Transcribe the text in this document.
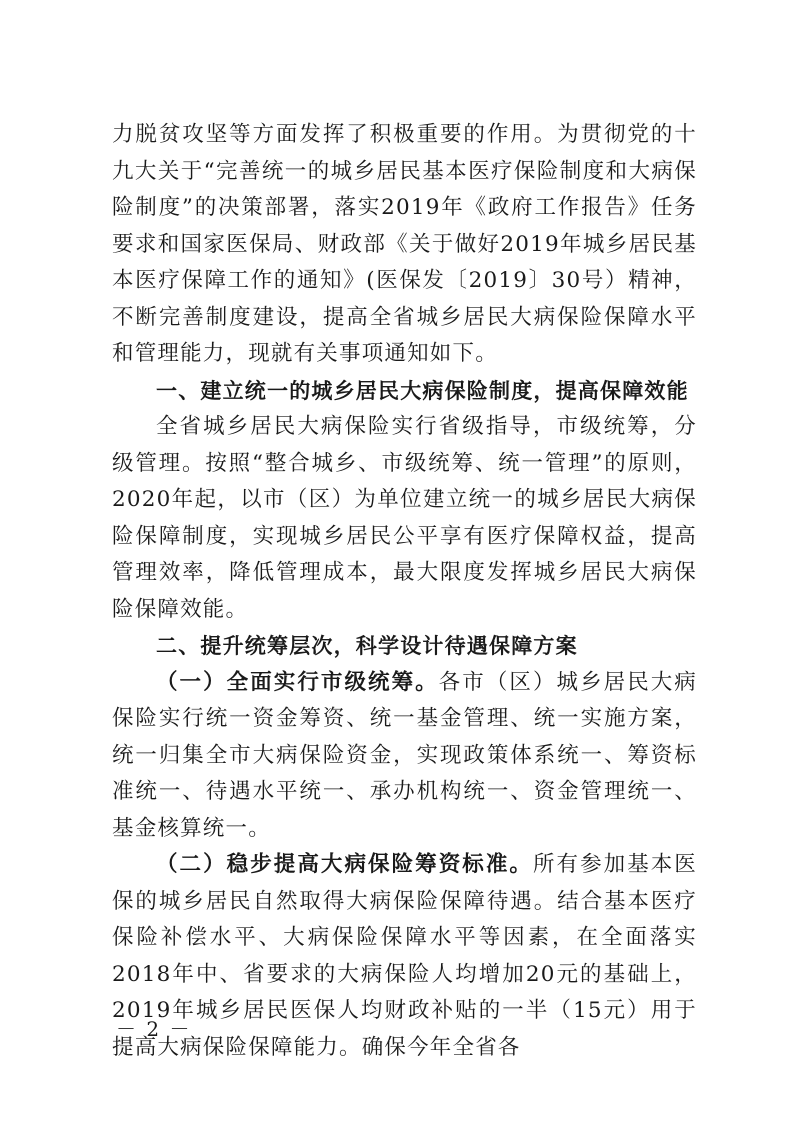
力脱贫攻坚等方面发挥了积极重要的作用。为贯彻党的十九大关于“完善统一的城乡居民基本医疗保险制度和大病保险制度”的决策部署，落实2019年《政府工作报告》任务要求和国家医保局、财政部《关于做好2019年城乡居民基本医疗保障工作的通知》(医保发〔2019〕30号）精神，不断完善制度建设，提高全省城乡居民大病保险保障水平和管理能力，现就有关事项通知如下。

一、建立统一的城乡居民大病保险制度，提高保障效能

全省城乡居民大病保险实行省级指导，市级统筹，分级管理。按照“整合城乡、市级统筹、统一管理”的原则，2020年起，以市（区）为单位建立统一的城乡居民大病保险保障制度，实现城乡居民公平享有医疗保障权益，提高管理效率，降低管理成本，最大限度发挥城乡居民大病保险保障效能。

二、提升统筹层次，科学设计待遇保障方案

（一）全面实行市级统筹。各市（区）城乡居民大病保险实行统一资金筹资、统一基金管理、统一实施方案，统一归集全市大病保险资金，实现政策体系统一、筹资标准统一、待遇水平统一、承办机构统一、资金管理统一、基金核算统一。

（二）稳步提高大病保险筹资标准。所有参加基本医保的城乡居民自然取得大病保险保障待遇。结合基本医疗保险补偿水平、大病保险保障水平等因素，在全面落实2018年中、省要求的大病保险人均增加20元的基础上，2019年城乡居民医保人均财政补贴的一半（15元）用于提高大病保险保障能力。确保今年全省各

－ 2 －
